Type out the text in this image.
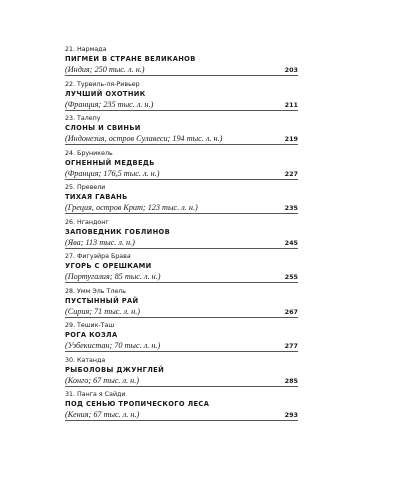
21. Нармада
ПИГМЕИ В СТРАНЕ ВЕЛИКАНОВ
(Индия; 250 тыс. л. н.)	203
22. Турвиль-ля-Ривьер
ЛУЧШИЙ ОХОТНИК
(Франция; 235 тыс. л. н.)	211
23. Талепу
СЛОНЫ И СВИНЬИ
(Индонезия, остров Сулавеси; 194 тыс. л. н.)	219
24. Бруникель
ОГНЕННЫЙ МЕДВЕДЬ
(Франция; 176,5 тыс. л. н.)	227
25. Превели
ТИХАЯ ГАВАНЬ
(Греция, остров Крит; 123 тыс. л. н.)	235
26. Нгандонг
ЗАПОВЕДНИК ГОБЛИНОВ
(Ява; 113 тыс. л. н.)	245
27. Фигуэйра Брава
УГОРЬ С ОРЕШКАМИ
(Португалия; 85 тыс. л. н.)	255
28. Умм Эль Тлель
ПУСТЫННЫЙ РАЙ
(Сирия; 71 тыс. л. н.)	267
29. Тешик-Таш
РОГА КОЗЛА
(Узбекистан; 70 тыс. л. н.)	277
30. Катанда
РЫБОЛОВЫ ДЖУНГЛЕЙ
(Конго; 67 тыс. л. н.)	285
31. Панга я Сайди
ПОД СЕНЬЮ ТРОПИЧЕСКОГО ЛЕСА
(Кения; 67 тыс. л. н.)	293
